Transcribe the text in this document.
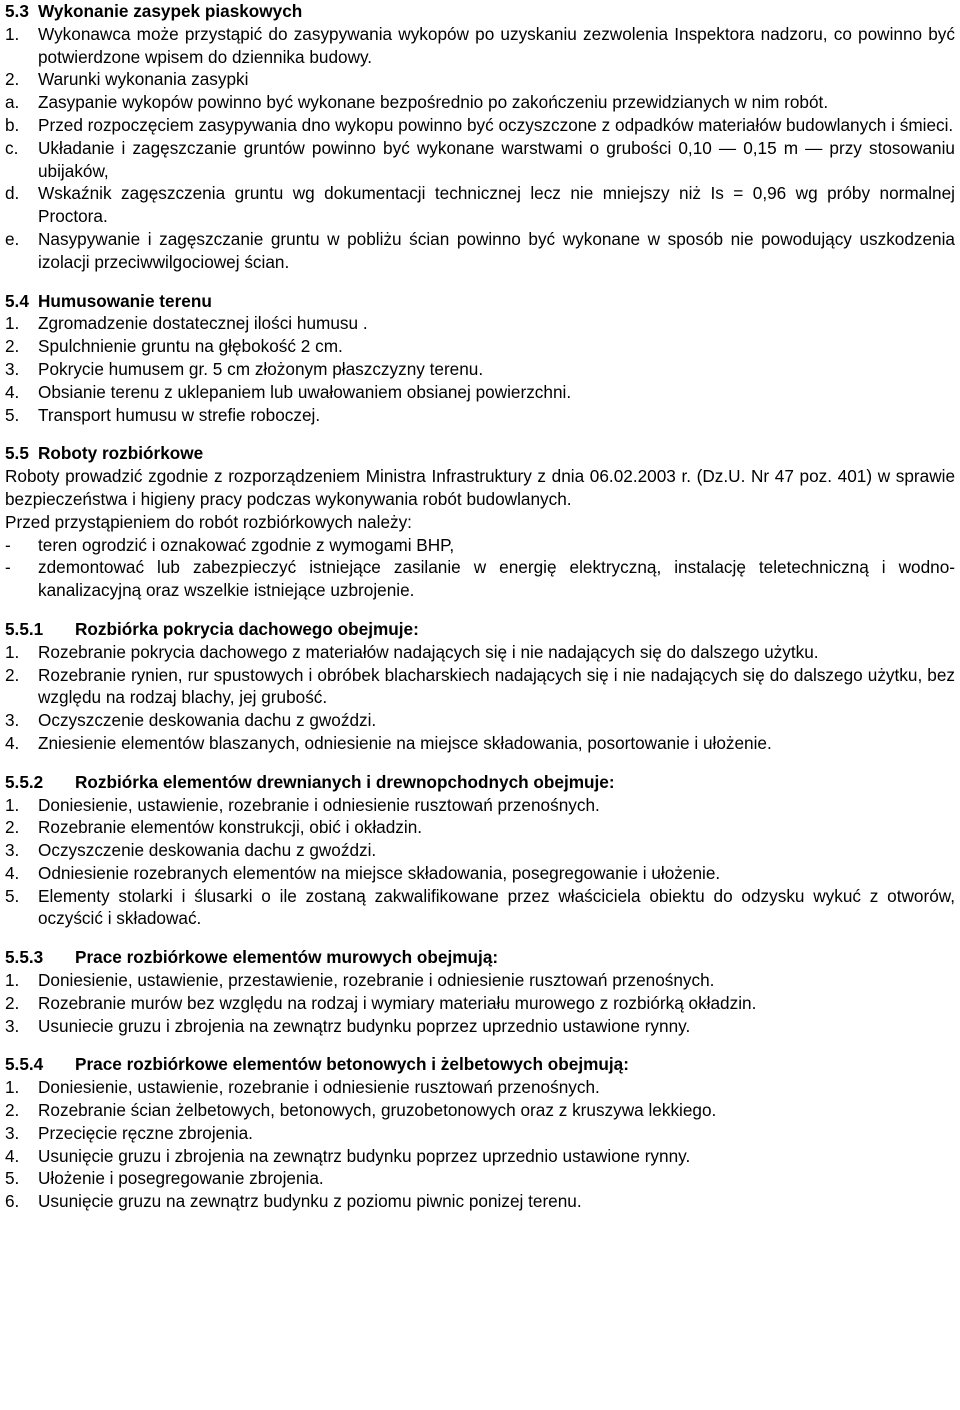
5.3 Wykonanie zasypek piaskowych
1.	Wykonawca może przystąpić do zasypywania wykopów po uzyskaniu zezwolenia Inspektora nadzoru, co powinno być potwierdzone wpisem do dziennika budowy.
2.	Warunki wykonania zasypki
a.	Zasypanie wykopów powinno być wykonane bezpośrednio po zakończeniu przewidzianych w nim robót.
b.	Przed rozpoczęciem zasypywania dno wykopu powinno być oczyszczone z odpadków materiałów budowlanych i śmieci.
c.	Układanie i zagęszczanie gruntów powinno być wykonane warstwami o grubości 0,10 — 0,15 m — przy stosowaniu ubijaków,
d.	Wskaźnik zagęszczenia gruntu wg dokumentacji technicznej lecz nie mniejszy niż Is = 0,96 wg próby normalnej Proctora.
e.	Nasypywanie i zagęszczanie gruntu w pobliżu ścian powinno być wykonane w sposób nie powodujący uszkodzenia izolacji przeciwwilgociowej ścian.
5.4 Humusowanie terenu
1.	Zgromadzenie dostatecznej ilości humusu .
2.	Spulchnienie gruntu na głębokość 2 cm.
3.	Pokrycie humusem gr. 5 cm złożonym płaszczyzny terenu.
4.	Obsianie terenu z uklepaniem lub uwałowaniem obsianej powierzchni.
5.	Transport humusu w strefie roboczej.
5.5 Roboty rozbiórkowe
Roboty prowadzić zgodnie z rozporządzeniem Ministra Infrastruktury z dnia 06.02.2003 r. (Dz.U. Nr 47 poz. 401) w sprawie bezpieczeństwa i higieny pracy podczas wykonywania robót budowlanych.
Przed przystąpieniem do robót rozbiórkowych należy:
-	teren ogrodzić i oznakować zgodnie z wymogami BHP,
-	zdemontować lub zabezpieczyć istniejące zasilanie w energię elektryczną, instalację teletechniczną i wodno-kanalizacyjną oraz wszelkie istniejące uzbrojenie.
5.5.1	Rozbiórka pokrycia dachowego obejmuje:
1.	Rozebranie pokrycia dachowego z materiałów nadających się i nie nadających się do dalszego użytku.
2.	Rozebranie rynien, rur spustowych i obróbek blacharskiech nadających się i nie nadających się do dalszego użytku, bez względu na rodzaj blachy, jej grubość.
3.	Oczyszczenie deskowania dachu z gwoździ.
4.	Zniesienie elementów blaszanych, odniesienie na miejsce składowania, posortowanie i ułożenie.
5.5.2	Rozbiórka elementów drewnianych i drewnopchodnych obejmuje:
1.	Doniesienie, ustawienie, rozebranie i odniesienie rusztowań przenośnych.
2.	Rozebranie elementów konstrukcji, obić i okładzin.
3.	Oczyszczenie deskowania dachu z gwoździ.
4.	Odniesienie rozebranych elementów na miejsce składowania, posegregowanie i ułożenie.
5.	Elementy stolarki i ślusarki o ile zostaną zakwalifikowane przez właściciela obiektu do odzysku wykuć z otworów, oczyścić i składować.
5.5.3	Prace rozbiórkowe elementów murowych obejmują:
1.	Doniesienie, ustawienie, przestawienie, rozebranie i odniesienie rusztowań przenośnych.
2.	Rozebranie murów bez względu na rodzaj i wymiary materiału murowego z rozbiórką okładzin.
3.	Usuniecie gruzu i zbrojenia na zewnątrz budynku poprzez uprzednio ustawione rynny.
5.5.4	Prace rozbiórkowe elementów betonowych i żelbetowych obejmują:
1.	Doniesienie, ustawienie, rozebranie i odniesienie rusztowań przenośnych.
2.	Rozebranie ścian żelbetowych, betonowych, gruzobetonowych oraz z kruszywa lekkiego.
3.	Przecięcie ręczne zbrojenia.
4.	Usunięcie gruzu i zbrojenia na zewnątrz budynku poprzez uprzednio ustawione rynny.
5.	Ułożenie i posegregowanie zbrojenia.
6.	Usunięcie gruzu na zewnątrz budynku z poziomu piwnic ponizej terenu.
